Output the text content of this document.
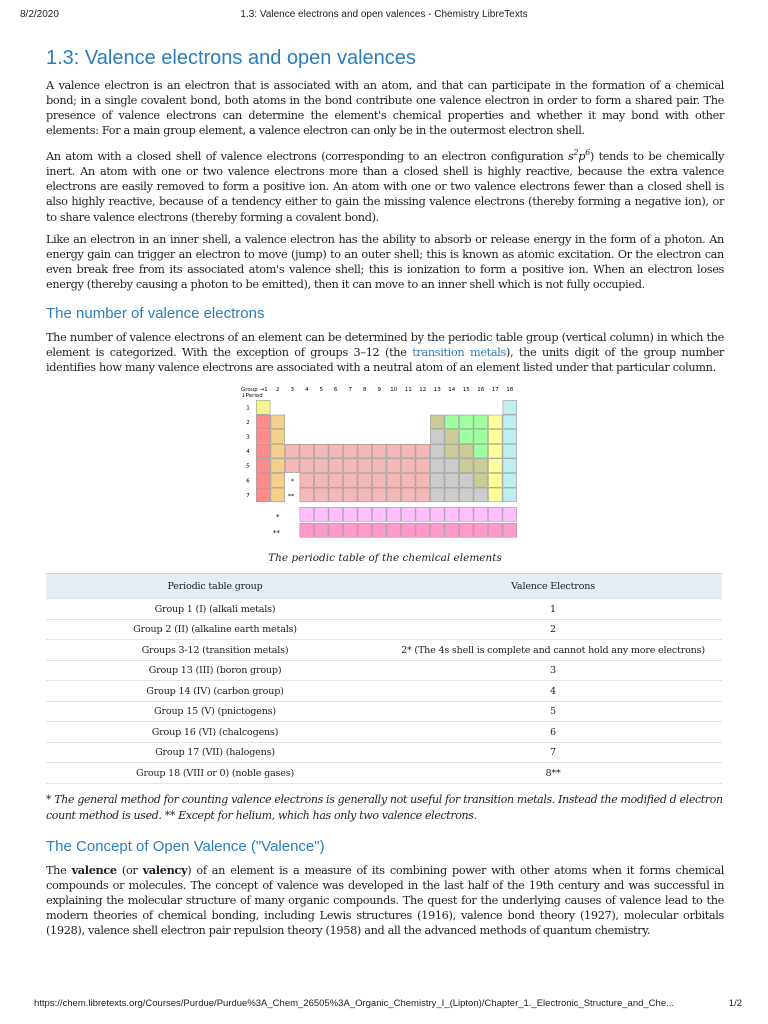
8/2/2020	1.3: Valence electrons and open valences - Chemistry LibreTexts
1.3: Valence electrons and open valences

A valence electron is an electron that is associated with an atom, and that can participate in the formation of a chemical bond; in a single covalent bond, both atoms in the bond contribute one valence electron in order to form a shared pair. The presence of valence electrons can determine the element's chemical properties and whether it may bond with other elements: For a main group element, a valence electron can only be in the outermost electron shell.

An atom with a closed shell of valence electrons (corresponding to an electron configuration $s^2p^6$) tends to be chemically inert. An atom with one or two valence electrons more than a closed shell is highly reactive, because the extra valence electrons are easily removed to form a positive ion. An atom with one or two valence electrons fewer than a closed shell is also highly reactive, because of a tendency either to gain the missing valence electrons (thereby forming a negative ion), or to share valence electrons (thereby forming a covalent bond).

Like an electron in an inner shell, a valence electron has the ability to absorb or release energy in the form of a photon. An energy gain can trigger an electron to move (jump) to an outer shell; this is known as atomic excitation. Or the electron can even break free from its associated atom's valence shell; this is ionization to form a positive ion. When an electron loses energy (thereby causing a photon to be emitted), then it can move to an inner shell which is not fully occupied.

The number of valence electrons

The number of valence electrons of an element can be determined by the periodic table group (vertical column) in which the element is categorized. With the exception of groups 3–12 (the transition metals), the units digit of the group number identifies how many valence electrons are associated with a neutral atom of an element listed under that particular column.

Group →1
↓Period
*
**
*
**
2 3 4 5 6 7 8 9 10 11 12 13 14 15 16 17 18
1
2
3
4
5
6
7
The periodic table of the chemical elements
Periodic table group	Valence Electrons
Group 1 (I) (alkali metals)	1
Group 2 (II) (alkaline earth metals)	2
Groups 3-12 (transition metals)	2* (The 4s shell is complete and cannot hold any more electrons)
Group 13 (III) (boron group)	3
Group 14 (IV) (carbon group)	4
Group 15 (V) (pnictogens)	5
Group 16 (VI) (chalcogens)	6
Group 17 (VII) (halogens)	7
Group 18 (VIII or 0) (noble gases)	8**
* The general method for counting valence electrons is generally not useful for transition metals. Instead the modified d electron count method is used. ** Except for helium, which has only two valence electrons.
The Concept of Open Valence ("Valence")

The valence (or valency) of an element is a measure of its combining power with other atoms when it forms chemical compounds or molecules. The concept of valence was developed in the last half of the 19th century and was successful in explaining the molecular structure of many organic compounds. The quest for the underlying causes of valence lead to the modern theories of chemical bonding, including Lewis structures (1916), valence bond theory (1927), molecular orbitals (1928), valence shell electron pair repulsion theory (1958) and all the advanced methods of quantum chemistry.

https://chem.libretexts.org/Courses/Purdue/Purdue%3A_Chem_26505%3A_Organic_Chemistry_I_(Lipton)/Chapter_1._Electronic_Structure_and_Che...	1/2
